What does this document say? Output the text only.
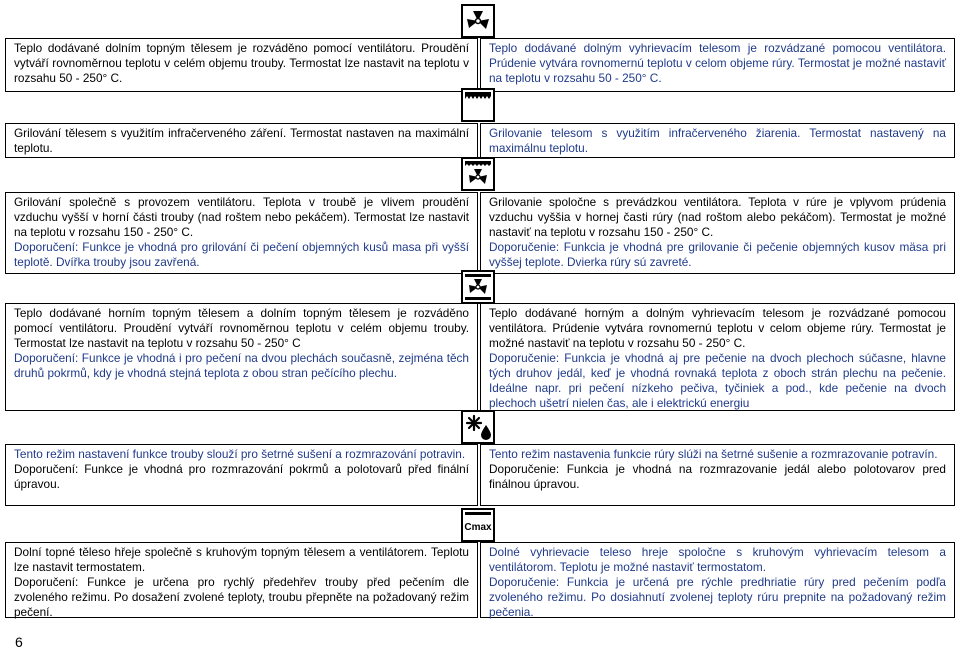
Teplo dodávané dolním topným tělesem je rozváděno pomocí ventilátoru. Proudění vytváří rovnoměrnou teplotu v celém objemu trouby. Termostat lze nastavit na teplotu v rozsahu 50 - 250° C.

Teplo dodávané dolným vyhrievacím telesom je rozvádzané pomocou ventilátora. Prúdenie vytvára rovnomernú teplotu v celom objeme rúry. Termostat je možné nastaviť na teplotu v rozsahu 50 - 250° C.

Grilování tělesem s využitím infračerveného záření. Termostat nastaven na maximální teplotu.

Grilovanie telesom s využitím infračerveného žiarenia. Termostat nastavený na maximálnu teplotu.

Grilování společně s provozem ventilátoru. Teplota v troubě je vlivem proudění vzduchu vyšší v horní části trouby (nad roštem nebo pekáčem). Termostat lze nastavit na teplotu v rozsahu 150 - 250° C.

Doporučení: Funkce je vhodná pro grilování či pečení objemných kusů masa při vyšší teplotě. Dvířka trouby jsou zavřená.

Grilovanie spoločne s prevádzkou ventilátora. Teplota v rúre je vplyvom prúdenia vzduchu vyššia v hornej časti rúry (nad roštom alebo pekáčom). Termostat je možné nastaviť na teplotu v rozsahu 150 - 250° C.

Doporučenie: Funkcia je vhodná pre grilovanie či pečenie objemných kusov mäsa pri vyššej teplote. Dvierka rúry sú zavreté.

Teplo dodávané horním topným tělesem a dolním topným tělesem je rozváděno pomocí ventilátoru. Proudění vytváří rovnoměrnou teplotu v celém objemu trouby. Termostat lze nastavit na teplotu v rozsahu 50 - 250° C

Doporučení: Funkce je vhodná i pro pečení na dvou plechách současně, zejména těch druhů pokrmů, kdy je vhodná stejná teplota z obou stran pečícího plechu.

Teplo dodávané horným a dolným vyhrievacím telesom je rozvádzané pomocou ventilátora. Prúdenie vytvára rovnomernú teplotu v celom objeme rúry. Termostat je možné nastaviť na teplotu v rozsahu 50 - 250° C.

Doporučenie: Funkcia je vhodná aj pre pečenie na dvoch plechoch súčasne, hlavne tých druhov jedál, keď je vhodná rovnaká teplota z oboch strán plechu na pečenie. Ideálne napr. pri pečení nízkeho pečiva, tyčiniek a pod., kde pečenie na dvoch plechoch ušetrí nielen čas, ale i elektrickú energiu

Tento režim nastavení funkce trouby slouží pro šetrné sušení a rozmrazování potravin.

Doporučení: Funkce je vhodná pro rozmrazování pokrmů a polotovarů před finální úpravou.

Tento režim nastavenia funkcie rúry slúži na šetrné sušenie a rozmrazovanie potravín.

Doporučenie: Funkcia je vhodná na rozmrazovanie jedál alebo polotovarov pred finálnou úpravou.

Dolní topné těleso hřeje společně s kruhovým topným tělesem a ventilátorem. Teplotu lze nastavit termostatem.

Doporučení: Funkce je určena pro rychlý předehřev trouby před pečením dle zvoleného režimu. Po dosažení zvolené teploty, troubu přepněte na požadovaný režim pečení.

Dolné vyhrievacie teleso hreje spoločne s kruhovým vyhrievacím telesom a ventilátorom. Teplotu je možné nastaviť termostatom.

Doporučenie: Funkcia je určená pre rýchle predhriatie rúry pred pečením podľa zvoleného režimu. Po dosiahnutí zvolenej teploty rúru prepnite na požadovaný režim pečenia.

Cmax
6
